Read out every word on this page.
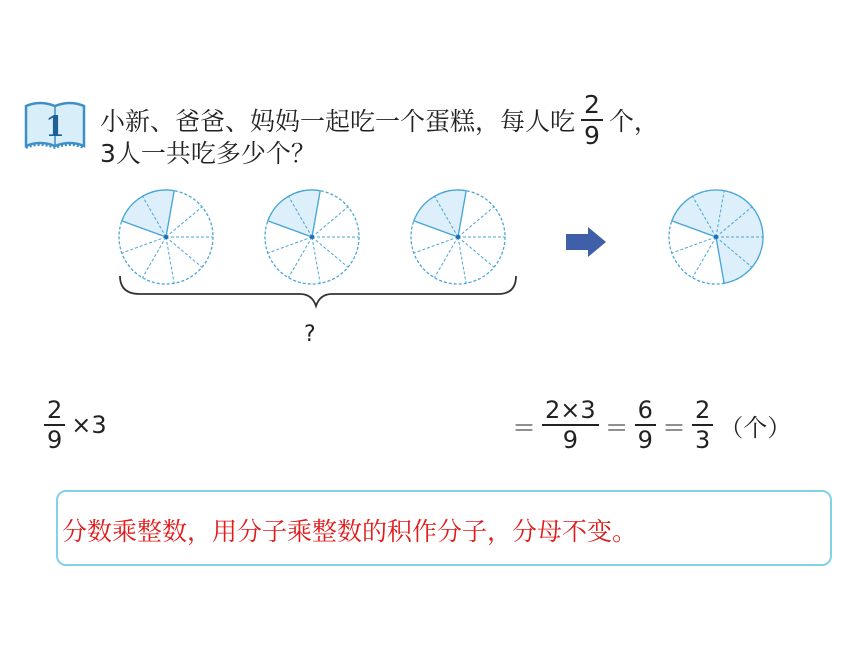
1 小新、爸爸、妈妈一起吃一个蛋糕，每人吃 $\frac{2}{9}$ 个，
3人一共吃多少个？
?
$\frac{2}{9} \times 3$	＝ $\frac{2\times 3}{9} = \frac{6}{9} = \frac{2}{3}$ （个）
分数乘整数，用分子乘整数的积作分子，分母不变。
